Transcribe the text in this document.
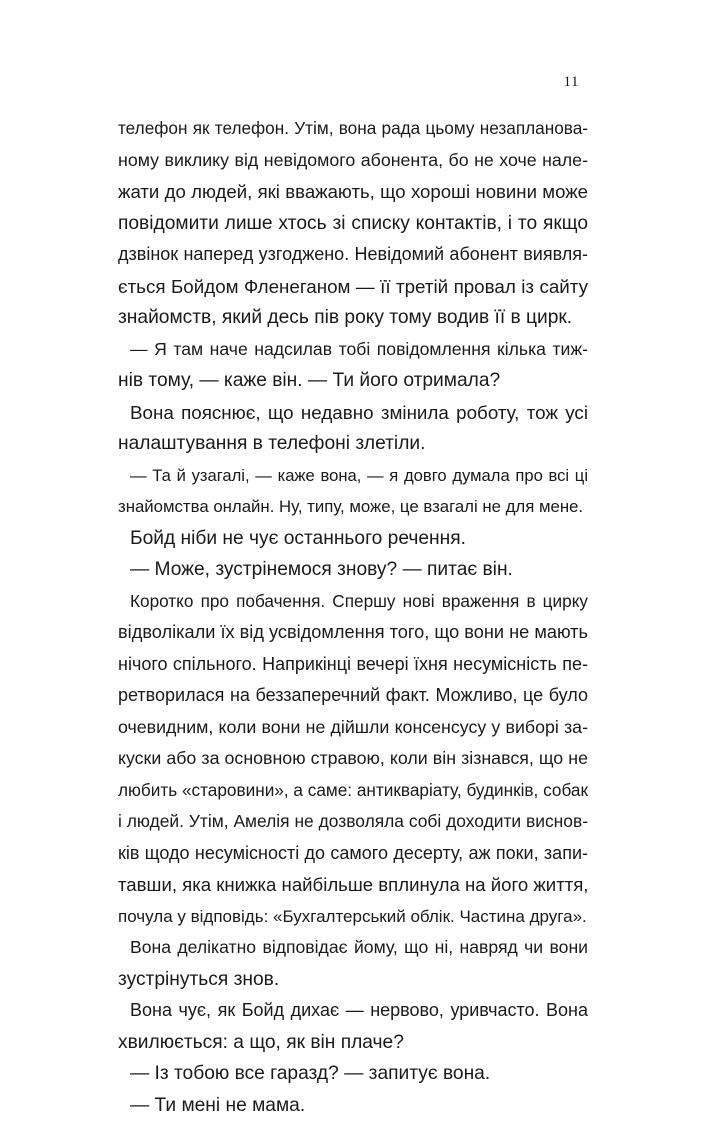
11
телефон як телефон. Утім, вона рада цьому незапланова-
ному виклику від невідомого абонента, бо не хоче нале-
жати до людей, які вважають, що хороші новини може
повідомити лише хтось зі списку контактів, і то якщо
дзвінок наперед узгоджено. Невідомий абонент виявля-
ється Бойдом Фленеганом — її третій провал із сайту
знайомств, який десь пів року тому водив її в цирк.
— Я там наче надсилав тобі повідомлення кілька тиж-
нів тому, — каже він. — Ти його отримала?
Вона пояснює, що недавно змінила роботу, тож усі
налаштування в телефоні злетіли.
— Та й узагалі, — каже вона, — я довго думала про всі ці
знайомства онлайн. Ну, типу, може, це взагалі не для мене.
Бойд ніби не чує останнього речення.
— Може, зустрінемося знову? — питає він.
Коротко про побачення. Спершу нові враження в цирку
відволікали їх від усвідомлення того, що вони не мають
нічого спільного. Наприкінці вечері їхня несумісність пе-
ретворилася на беззаперечний факт. Можливо, це було
очевидним, коли вони не дійшли консенсусу у виборі за-
куски або за основною стравою, коли він зізнався, що не
любить «старовини», а саме: антикваріату, будинків, собак
і людей. Утім, Амелія не дозволяла собі доходити виснов-
ків щодо несумісності до самого десерту, аж поки, запи-
тавши, яка книжка найбільше вплинула на його життя,
почула у відповідь: «Бухгалтерський облік. Частина друга».
Вона делікатно відповідає йому, що ні, навряд чи вони
зустрінуться знов.
Вона чує, як Бойд дихає — нервово, уривчасто. Вона
хвилюється: а що, як він плаче?
— Із тобою все гаразд? — запитує вона.
— Ти мені не мама.
